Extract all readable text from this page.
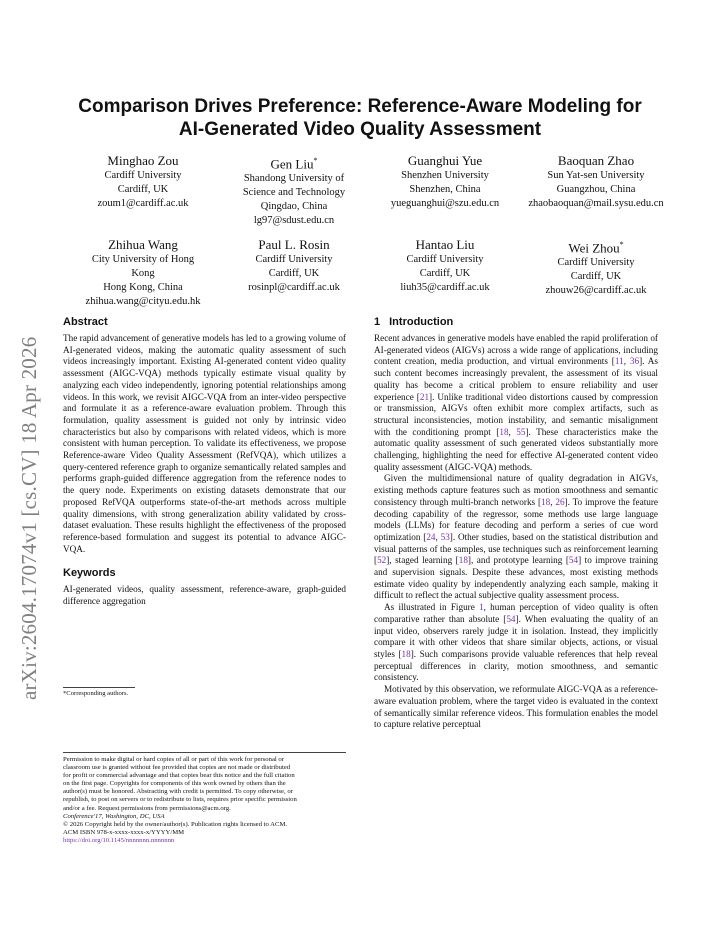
Comparison Drives Preference: Reference-Aware Modeling for
AI-Generated Video Quality Assessment
Minghao Zou
Cardiff University
Cardiff, UK
zoum1@cardiff.ac.uk
Gen Liu*
Shandong University of
Science and Technology
Qingdao, China
lg97@sdust.edu.cn
Guanghui Yue
Shenzhen University
Shenzhen, China
yueguanghui@szu.edu.cn
Baoquan Zhao
Sun Yat-sen University
Guangzhou, China
zhaobaoquan@mail.sysu.edu.cn
Zhihua Wang
City University of Hong
Kong
Hong Kong, China
zhihua.wang@cityu.edu.hk
Paul L. Rosin
Cardiff University
Cardiff, UK
rosinpl@cardiff.ac.uk
Hantao Liu
Cardiff University
Cardiff, UK
liuh35@cardiff.ac.uk
Wei Zhou*
Cardiff University
Cardiff, UK
zhouw26@cardiff.ac.uk
arXiv:2604.17074v1 [cs.CV] 18 Apr 2026
Abstract

The rapid advancement of generative models has led to a growing volume of AI-generated videos, making the automatic quality assessment of such videos increasingly important. Existing AI-generated content video quality assessment (AIGC-VQA) methods typically estimate visual quality by analyzing each video independently, ignoring potential relationships among videos. In this work, we revisit AIGC-VQA from an inter-video perspective and formulate it as a reference-aware evaluation problem. Through this formulation, quality assessment is guided not only by intrinsic video characteristics but also by comparisons with related videos, which is more consistent with human perception. To validate its effectiveness, we propose Reference-aware Video Quality Assessment (RefVQA), which utilizes a query-centered reference graph to organize semantically related samples and performs graph-guided difference aggregation from the reference nodes to the query node. Experiments on existing datasets demonstrate that our proposed RefVQA outperforms state-of-the-art methods across multiple quality dimensions, with strong generalization ability validated by cross-dataset evaluation. These results highlight the effectiveness of the proposed reference-based formulation and suggest its potential to advance AIGC-VQA.

Keywords

AI-generated videos, quality assessment, reference-aware, graph-guided difference aggregation

*Corresponding authors.
Permission to make digital or hard copies of all or part of this work for personal or
classroom use is granted without fee provided that copies are not made or distributed
for profit or commercial advantage and that copies bear this notice and the full citation
on the first page. Copyrights for components of this work owned by others than the
author(s) must be honored. Abstracting with credit is permitted. To copy otherwise, or
republish, to post on servers or to redistribute to lists, requires prior specific permission
and/or a fee. Request permissions from permissions@acm.org.
Conference'17, Washington, DC, USA
© 2026 Copyright held by the owner/author(s). Publication rights licensed to ACM.
ACM ISBN 978-x-xxxx-xxxx-x/YYYY/MM
https://doi.org/10.1145/nnnnnnn.nnnnnnn
1 Introduction

Recent advances in generative models have enabled the rapid proliferation of AI-generated videos (AIGVs) across a wide range of applications, including content creation, media production, and virtual environments [11, 36]. As such content becomes increasingly prevalent, the assessment of its visual quality has become a critical problem to ensure reliability and user experience [21]. Unlike traditional video distortions caused by compression or transmission, AIGVs often exhibit more complex artifacts, such as structural inconsistencies, motion instability, and semantic misalignment with the conditioning prompt [18, 55]. These characteristics make the automatic quality assessment of such generated videos substantially more challenging, highlighting the need for effective AI-generated content video quality assessment (AIGC-VQA) methods.

Given the multidimensional nature of quality degradation in AIGVs, existing methods capture features such as motion smoothness and semantic consistency through multi-branch networks [18, 26]. To improve the feature decoding capability of the regressor, some methods use large language models (LLMs) for feature decoding and perform a series of cue word optimization [24, 53]. Other studies, based on the statistical distribution and visual patterns of the samples, use techniques such as reinforcement learning [52], staged learning [18], and prototype learning [54] to improve training and supervision signals. Despite these advances, most existing methods estimate video quality by independently analyzing each sample, making it difficult to reflect the actual subjective quality assessment process.

As illustrated in Figure 1, human perception of video quality is often comparative rather than absolute [54]. When evaluating the quality of an input video, observers rarely judge it in isolation. Instead, they implicitly compare it with other videos that share similar objects, actions, or visual styles [18]. Such comparisons provide valuable references that help reveal perceptual differences in clarity, motion smoothness, and semantic consistency.

Motivated by this observation, we reformulate AIGC-VQA as a reference-aware evaluation problem, where the target video is evaluated in the context of semantically similar reference videos. This formulation enables the model to capture relative perceptual
